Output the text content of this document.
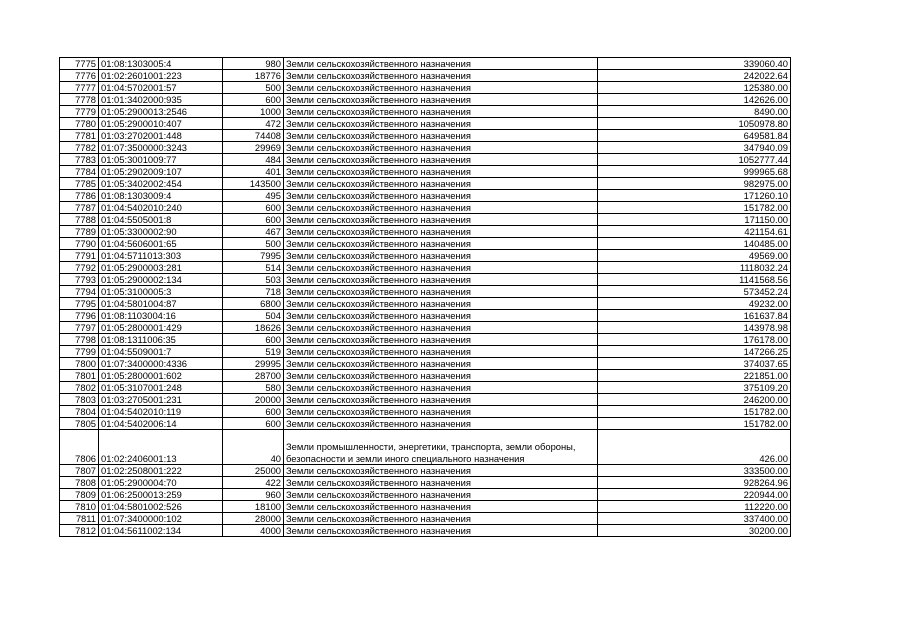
7775	01:08:1303005:4	980	Земли сельскохозяйственного назначения	339060.40
7776	01:02:2601001:223	18776	Земли сельскохозяйственного назначения	242022.64
7777	01:04:5702001:57	500	Земли сельскохозяйственного назначения	125380.00
7778	01:01:3402000:935	600	Земли сельскохозяйственного назначения	142626.00
7779	01:05:2900013:2546	1000	Земли сельскохозяйственного назначения	8490.00
7780	01:05:2900010:407	472	Земли сельскохозяйственного назначения	1050978.80
7781	01:03:2702001:448	74408	Земли сельскохозяйственного назначения	649581.84
7782	01:07:3500000:3243	29969	Земли сельскохозяйственного назначения	347940.09
7783	01:05:3001009:77	484	Земли сельскохозяйственного назначения	1052777.44
7784	01:05:2902009:107	401	Земли сельскохозяйственного назначения	999965.68
7785	01:05:3402002:454	143500	Земли сельскохозяйственного назначения	982975.00
7786	01:08:1303009:4	495	Земли сельскохозяйственного назначения	171260.10
7787	01:04:5402010:240	600	Земли сельскохозяйственного назначения	151782.00
7788	01:04:5505001:8	600	Земли сельскохозяйственного назначения	171150.00
7789	01:05:3300002:90	467	Земли сельскохозяйственного назначения	421154.61
7790	01:04:5606001:65	500	Земли сельскохозяйственного назначения	140485.00
7791	01:04:5711013:303	7995	Земли сельскохозяйственного назначения	49569.00
7792	01:05:2900003:281	514	Земли сельскохозяйственного назначения	1118032.24
7793	01:05:2900002:134	503	Земли сельскохозяйственного назначения	1141568.56
7794	01:05:3100005:3	718	Земли сельскохозяйственного назначения	573452.24
7795	01:04:5801004:87	6800	Земли сельскохозяйственного назначения	49232.00
7796	01:08:1103004:16	504	Земли сельскохозяйственного назначения	161637.84
7797	01:05:2800001:429	18626	Земли сельскохозяйственного назначения	143978.98
7798	01:08:1311006:35	600	Земли сельскохозяйственного назначения	176178.00
7799	01:04:5509001:7	519	Земли сельскохозяйственного назначения	147266.25
7800	01:07:3400000:4336	29995	Земли сельскохозяйственного назначения	374037.65
7801	01:05:2800001:602	28700	Земли сельскохозяйственного назначения	221851.00
7802	01:05:3107001:248	580	Земли сельскохозяйственного назначения	375109.20
7803	01:03:2705001:231	20000	Земли сельскохозяйственного назначения	246200.00
7804	01:04:5402010:119	600	Земли сельскохозяйственного назначения	151782.00
7805	01:04:5402006:14	600	Земли сельскохозяйственного назначения	151782.00
7806	01:02:2406001:13	40	Земли промышленности, энергетики, транспорта, земли обороны, безопасности и земли иного специального назначения	426.00
7807	01:02:2508001:222	25000	Земли сельскохозяйственного назначения	333500.00
7808	01:05:2900004:70	422	Земли сельскохозяйственного назначения	928264.96
7809	01:06:2500013:259	960	Земли сельскохозяйственного назначения	220944.00
7810	01:04:5801002:526	18100	Земли сельскохозяйственного назначения	112220.00
7811	01:07:3400000:102	28000	Земли сельскохозяйственного назначения	337400.00
7812	01:04:5611002:134	4000	Земли сельскохозяйственного назначения	30200.00
